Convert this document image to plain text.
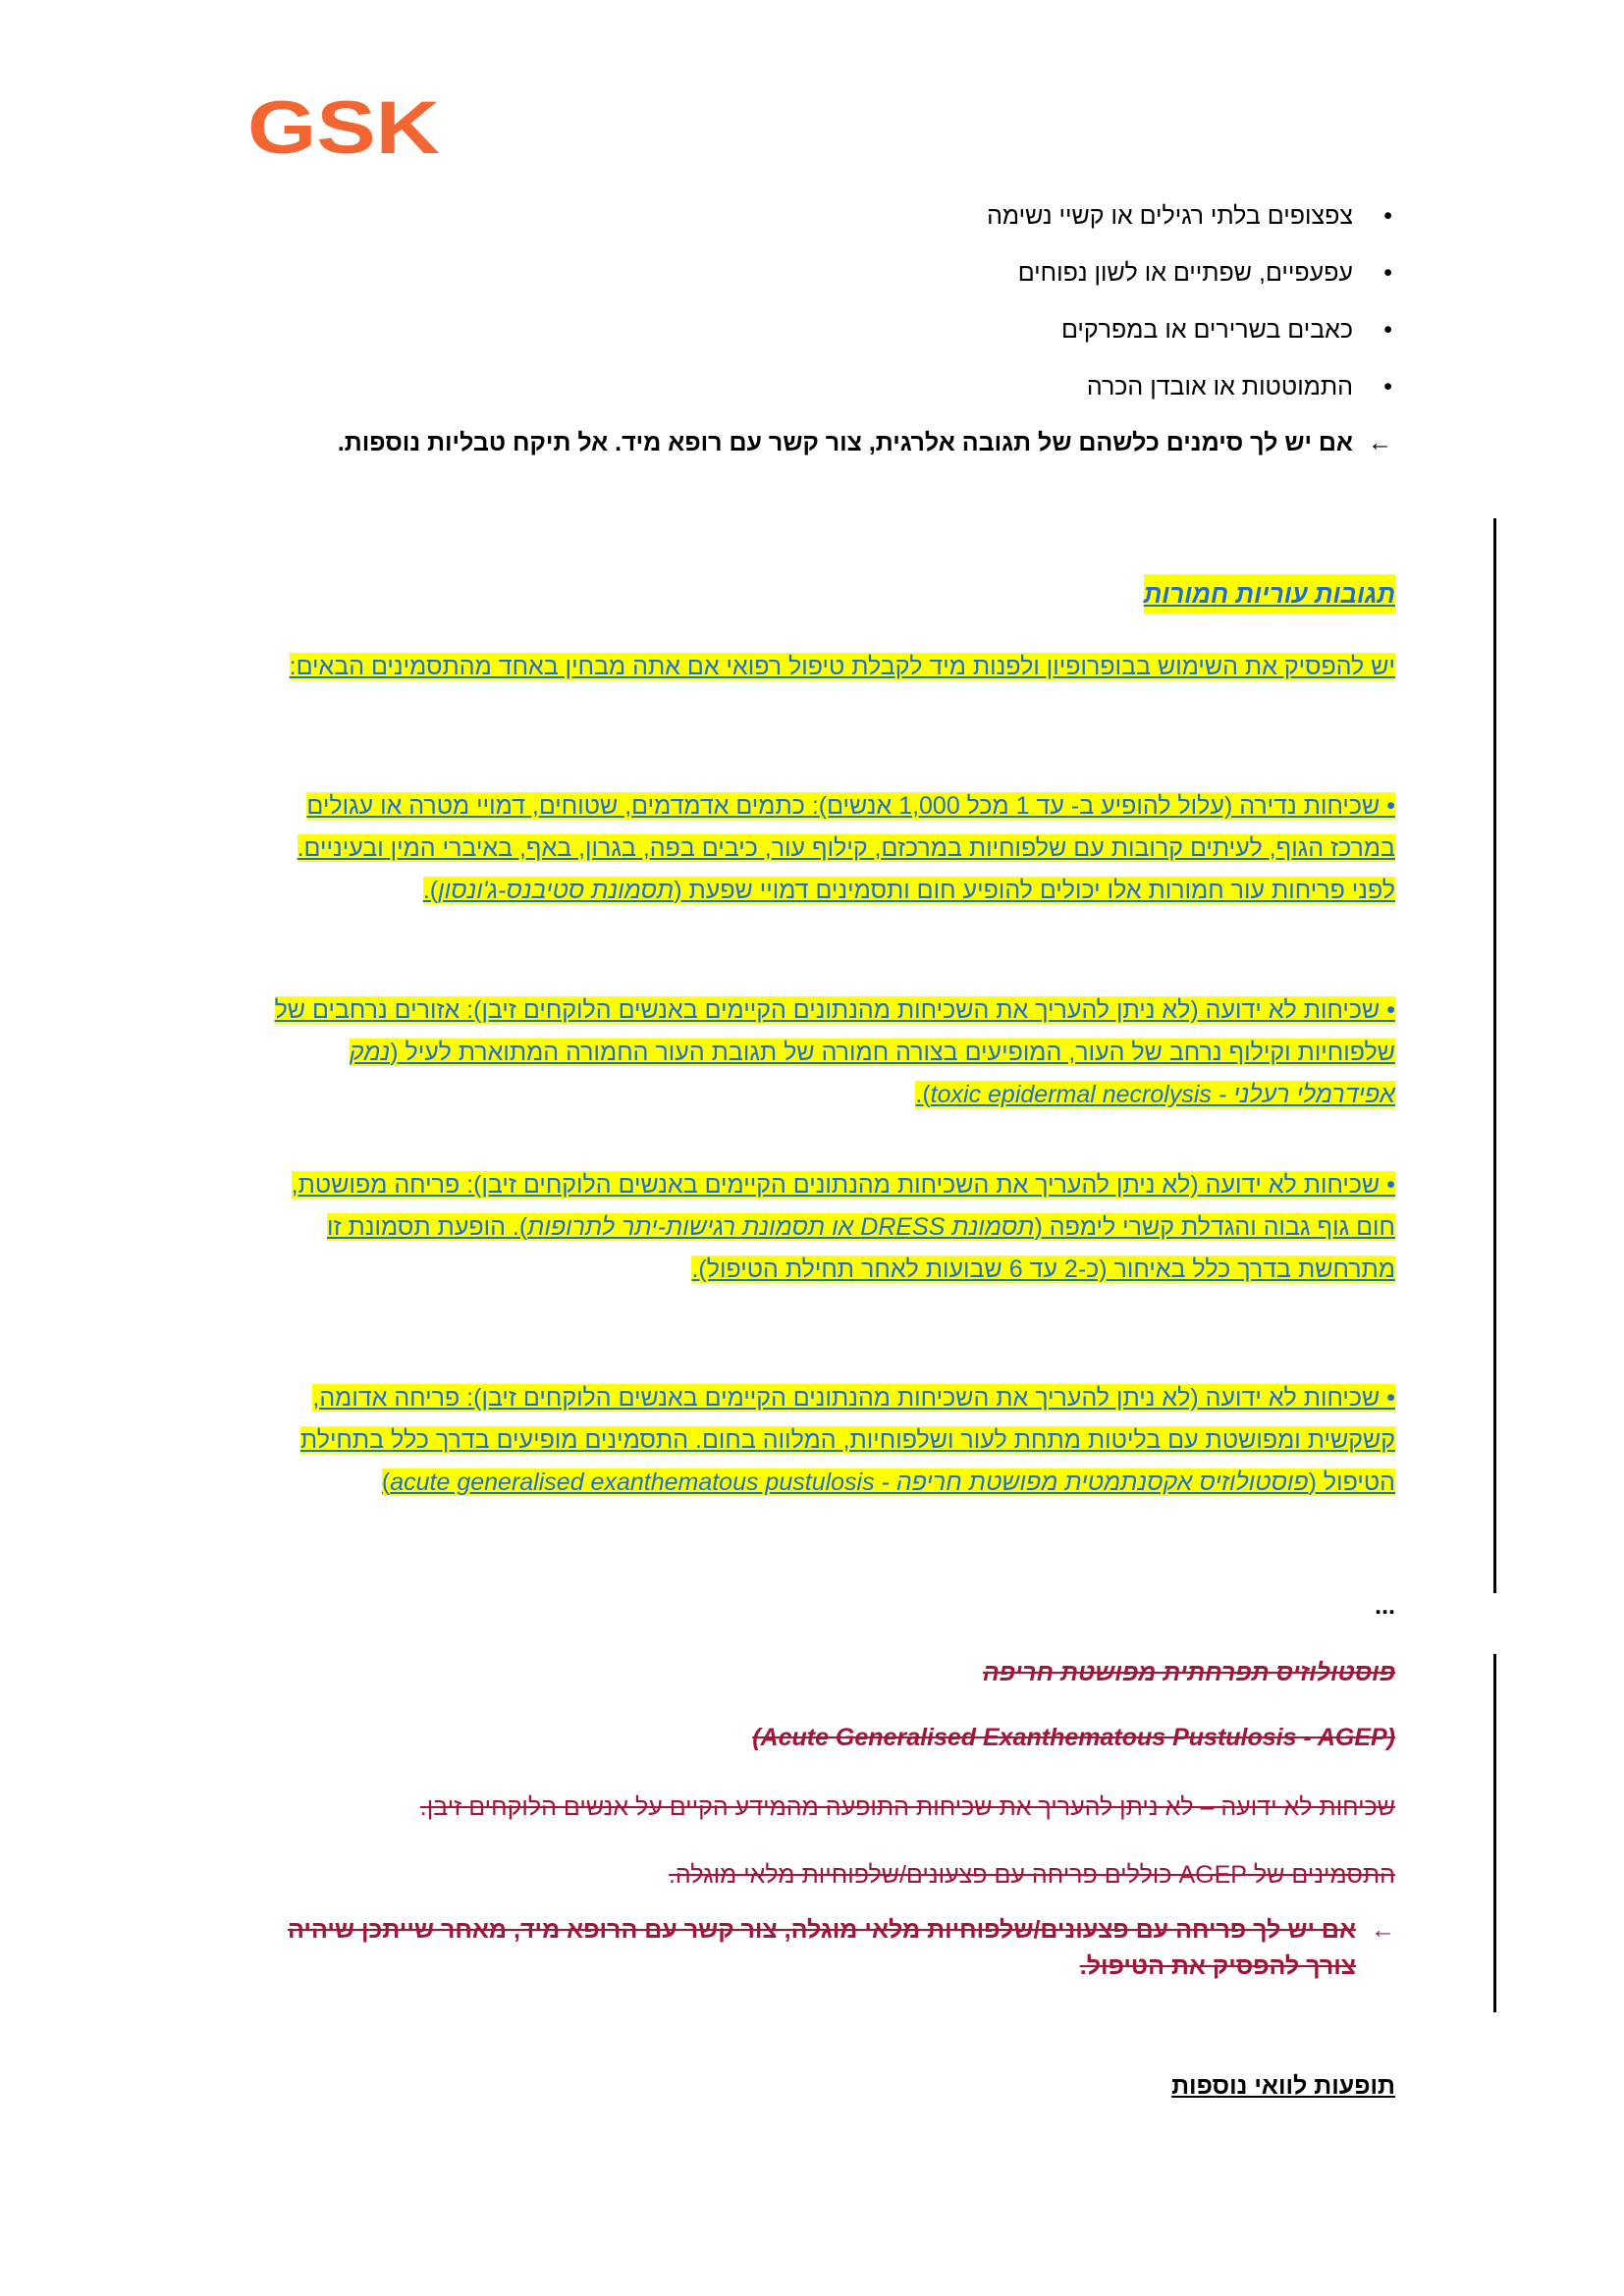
GSK
•
צפצופים בלתי רגילים או קשיי נשימה
•
עפעפיים, שפתיים או לשון נפוחים
•
כאבים בשרירים או במפרקים
•
התמוטטות או אובדן הכרה
←
אם יש לך סימנים כלשהם של תגובה אלרגית, צור קשר עם רופא מיד. אל תיקח טבליות נוספות.
תגובות עוריות חמורות

יש להפסיק את השימוש בבופרופיון ולפנות מיד לקבלת טיפול רפואי אם אתה מבחין באחד מהתסמינים הבאים:

• שכיחות נדירה (עלול להופיע ב- עד 1 מכל 1,000 אנשים): כתמים אדמדמים, שטוחים, דמויי מטרה או עגולים במרכז הגוף, לעיתים קרובות עם שלפוחיות במרכזם, קילוף עור, כיבים בפה, בגרון, באף, באיברי המין ובעיניים. לפני פריחות עור חמורות אלו יכולים להופיע חום ותסמינים דמויי שפעת (תסמונת סטיבנס-ג'ונסון).

• שכיחות לא ידועה (לא ניתן להעריך את השכיחות מהנתונים הקיימים באנשים הלוקחים זיבן): אזורים נרחבים של שלפוחיות וקילוף נרחב של העור, המופיעים בצורה חמורה של תגובת העור החמורה המתוארת לעיל (נמק אפידרמלי רעלני - toxic epidermal necrolysis).

• שכיחות לא ידועה (לא ניתן להעריך את השכיחות מהנתונים הקיימים באנשים הלוקחים זיבן): פריחה מפושטת, חום גוף גבוה והגדלת קשרי לימפה (תסמונת DRESS או תסמונת רגישות-יתר לתרופות). הופעת תסמונת זו מתרחשת בדרך כלל באיחור (כ-2 עד 6 שבועות לאחר תחילת הטיפול).

• שכיחות לא ידועה (לא ניתן להעריך את השכיחות מהנתונים הקיימים באנשים הלוקחים זיבן): פריחה אדומה, קשקשית ומפושטת עם בליטות מתחת לעור ושלפוחיות, המלווה בחום. התסמינים מופיעים בדרך כלל בתחילת הטיפול (פוסטולוזיס אקסנתמטית מפושטת חריפה - acute generalised exanthematous pustulosis)

...
פוסטולוזיס תפרחתית מפושטת חריפה
(Acute Generalised Exanthematous Pustulosis - AGEP)
שכיחות לא ידועה – לא ניתן להעריך את שכיחות התופעה מהמידע הקיים על אנשים הלוקחים זיבן.
התסמינים של AGEP כוללים פריחה עם פצעונים/שלפוחיות מלאי מוגלה.
←
אם יש לך פריחה עם פצעונים/שלפוחיות מלאי מוגלה, צור קשר עם הרופא מיד, מאחר שייתכן שיהיה צורך להפסיק את הטיפול.
תופעות לוואי נוספות
